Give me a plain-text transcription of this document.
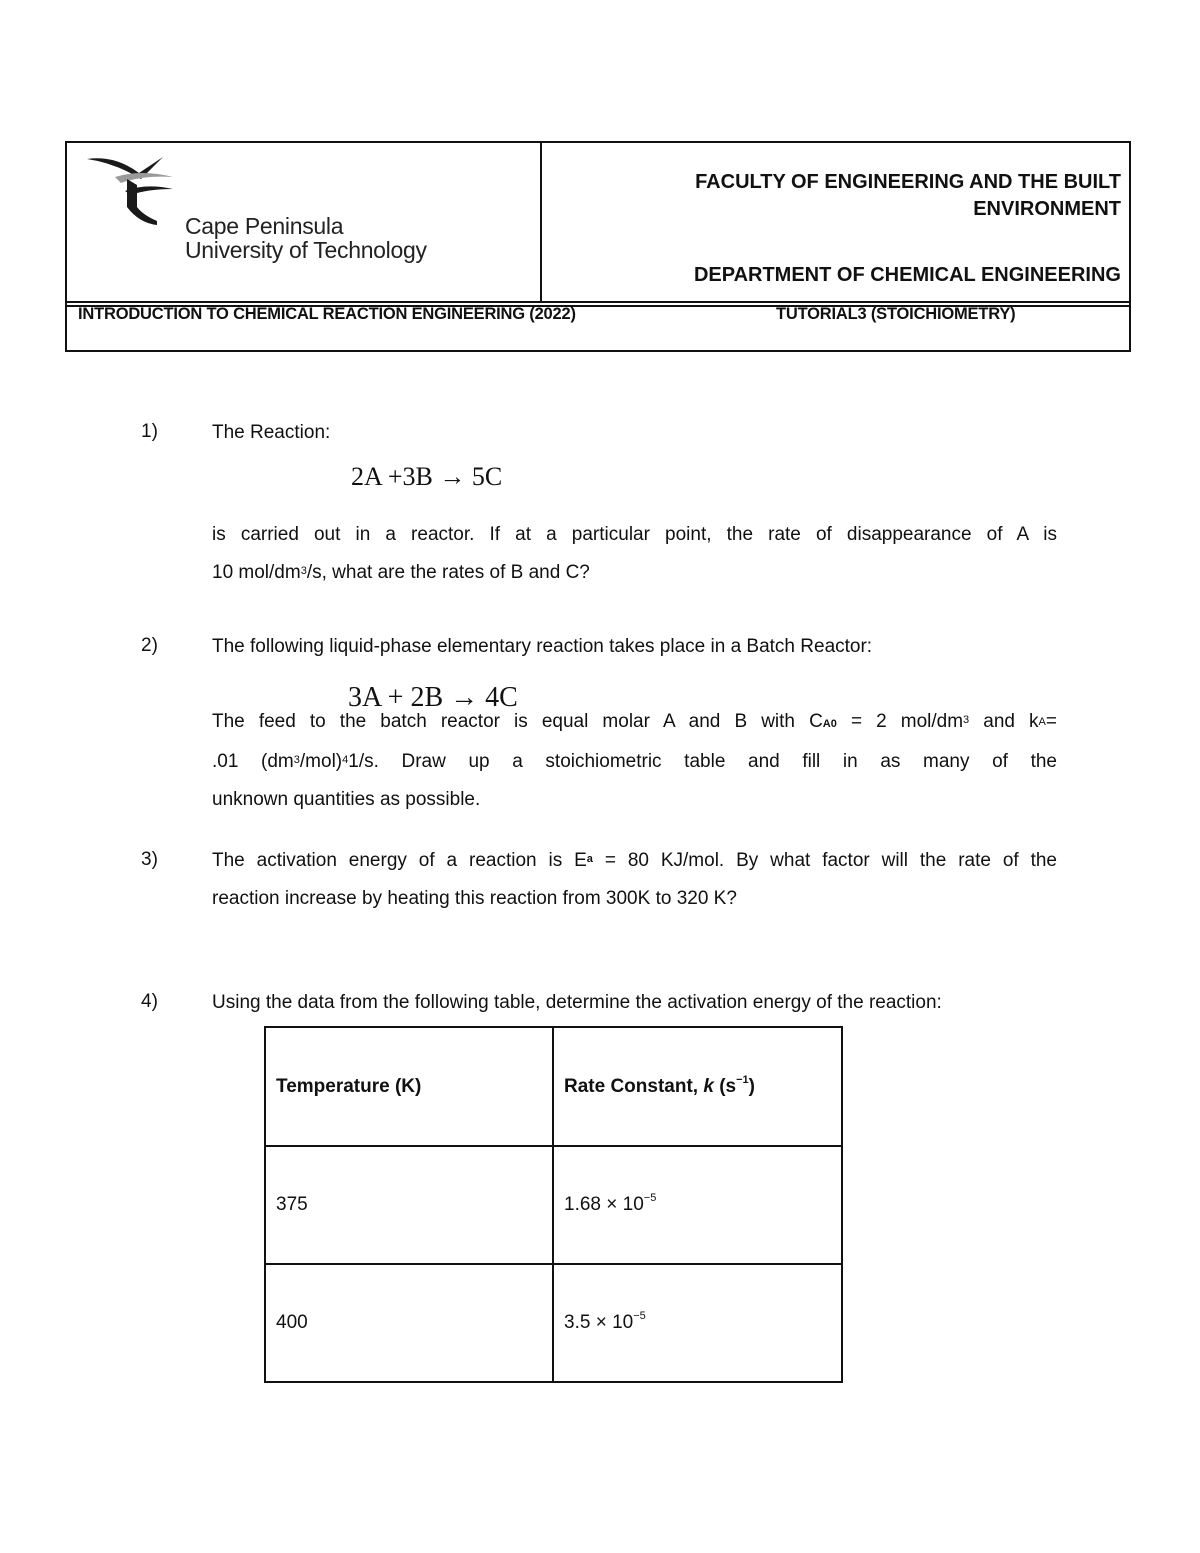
Cape Peninsula
University of Technology
FACULTY OF ENGINEERING AND THE BUILT ENVIRONMENT
DEPARTMENT OF CHEMICAL ENGINEERING
INTRODUCTION TO CHEMICAL REACTION ENGINEERING (2022)	TUTORIAL3 (STOICHIOMETRY)
1)	The Reaction:
2A +3B → 5C
is carried out in a reactor. If at a particular point, the rate of disappearance of A is
10 mol/$dm^3/s$, what are the rates of B and C?
2)	The following liquid-phase elementary reaction takes place in a Batch Reactor:
3A + 2B → 4C
The feed to the batch reactor is equal molar A and B with CA0 = 2 mol/$dm^3$ and $k_A=$
.01 $(dm^3/mol)^41/s$. Draw up a stoichiometric table and fill in as many of the
unknown quantities as possible.
3)	The activation energy of a reaction is $E_a = 80$ KJ/mol. By what factor will the rate of the
reaction increase by heating this reaction from 300K to 320 K?
4)	Using the data from the following table, determine the activation energy of the reaction:
Temperature (K)	Rate Constant, k $(s^{-1})$
375	$1.68 \times 10^{-5}$
400	$3.5 \times 10^{-5}$
